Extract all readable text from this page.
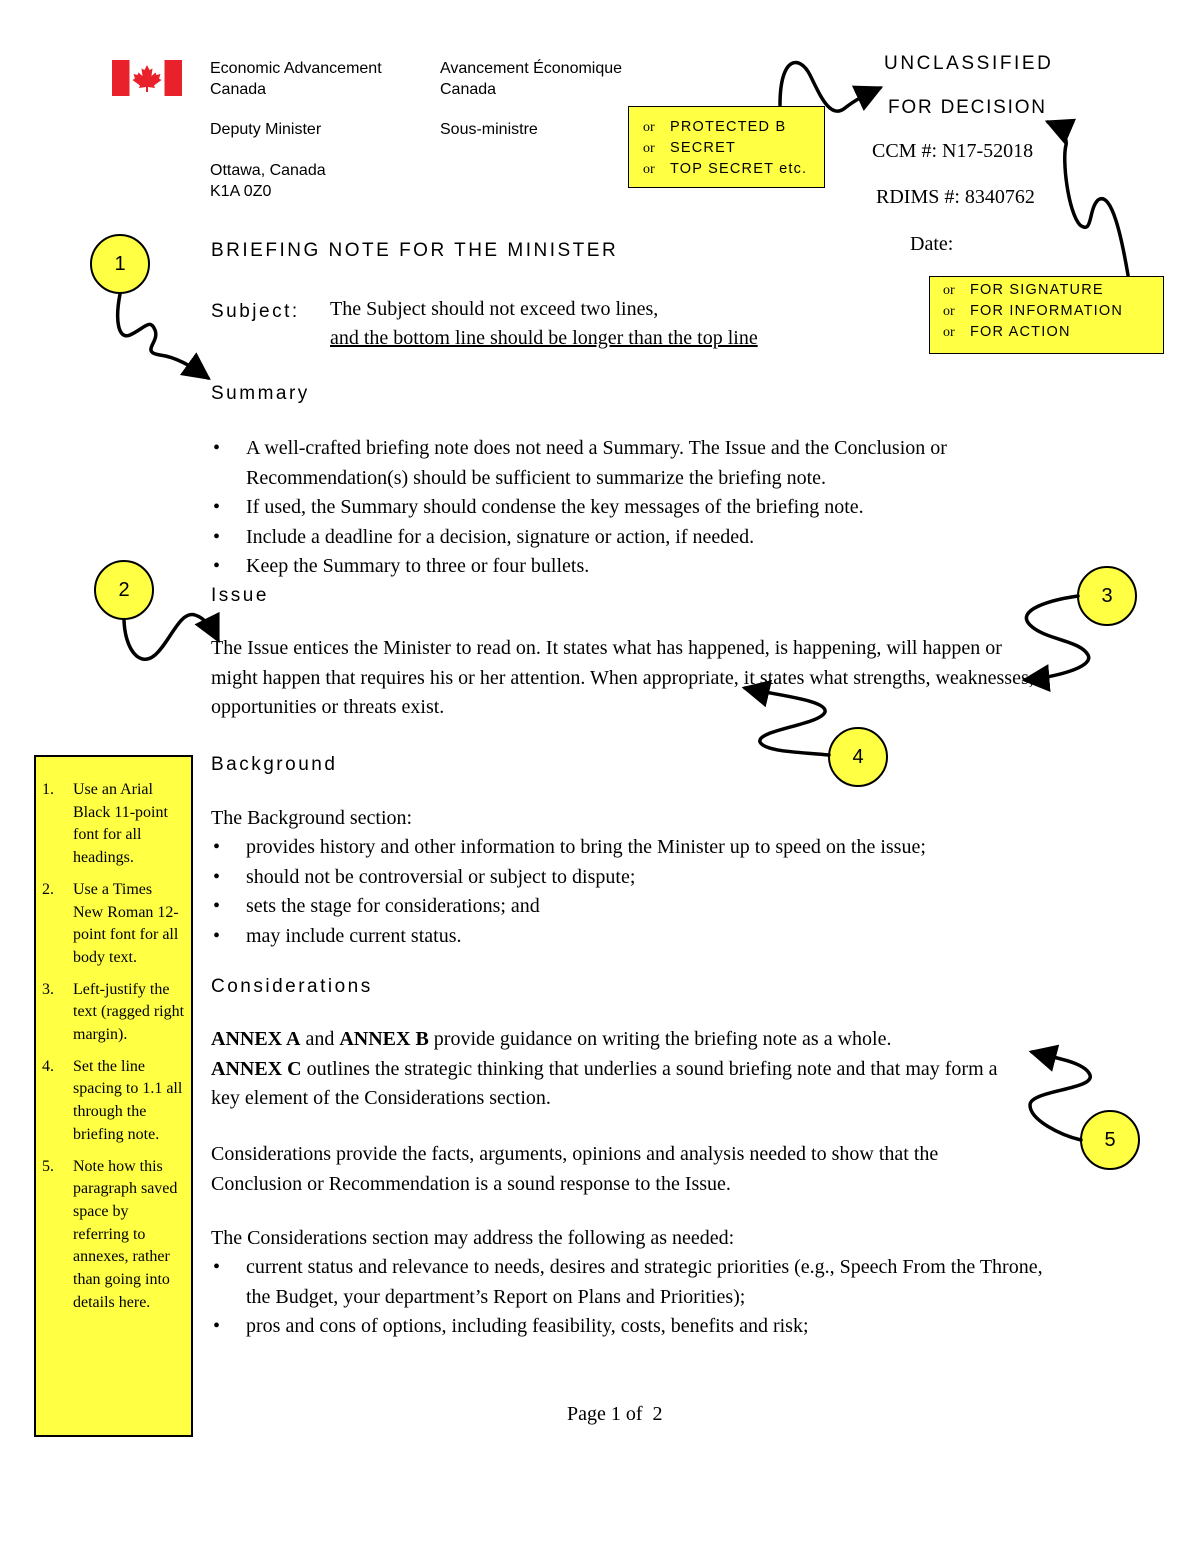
Economic Advancement
Canada
Avancement Économique
Canada
Deputy Minister	Sous-ministre
Ottawa, Canada
K1A 0Z0
UNCLASSIFIED
FOR DECISION
CCM #: N17-52018
RDIMS #: 8340762
Date:
or	PROTECTED B
or	SECRET
or	TOP SECRET etc.
or	FOR SIGNATURE
or	FOR INFORMATION
or	FOR ACTION
BRIEFING NOTE FOR THE MINISTER
Subject: The Subject should not exceed two lines,
and the bottom line should be longer than the top line
Summary
• A well-crafted briefing note does not need a Summary. The Issue and the Conclusion or Recommendation(s) should be sufficient to summarize the briefing note.
• If used, the Summary should condense the key messages of the briefing note.
• Include a deadline for a decision, signature or action, if needed.
• Keep the Summary to three or four bullets.
Issue
The Issue entices the Minister to read on. It states what has happened, is happening, will happen or might happen that requires his or her attention. When appropriate, it states what strengths, weaknesses, opportunities or threats exist.
Background
The Background section:
• provides history and other information to bring the Minister up to speed on the issue;
• should not be controversial or subject to dispute;
• sets the stage for considerations; and
• may include current status.
Considerations
ANNEX A and ANNEX B provide guidance on writing the briefing note as a whole.
ANNEX C outlines the strategic thinking that underlies a sound briefing note and that may form a key element of the Considerations section.
Considerations provide the facts, arguments, opinions and analysis needed to show that the Conclusion or Recommendation is a sound response to the Issue.
The Considerations section may address the following as needed:
• current status and relevance to needs, desires and strategic priorities (e.g., Speech From the Throne, the Budget, your department’s Report on Plans and Priorities);
• pros and cons of options, including feasibility, costs, benefits and risk;
1.	Use an Arial Black 11-point font for all headings.
2.	Use a Times New Roman 12-point font for all body text.
3.	Left-justify the text (ragged right margin).
4.	Set the line spacing to 1.1 all through the briefing note.
5.	Note how this paragraph saved space by referring to annexes, rather than going into details here.
1
2	3
4
5
Page 1 of  2
